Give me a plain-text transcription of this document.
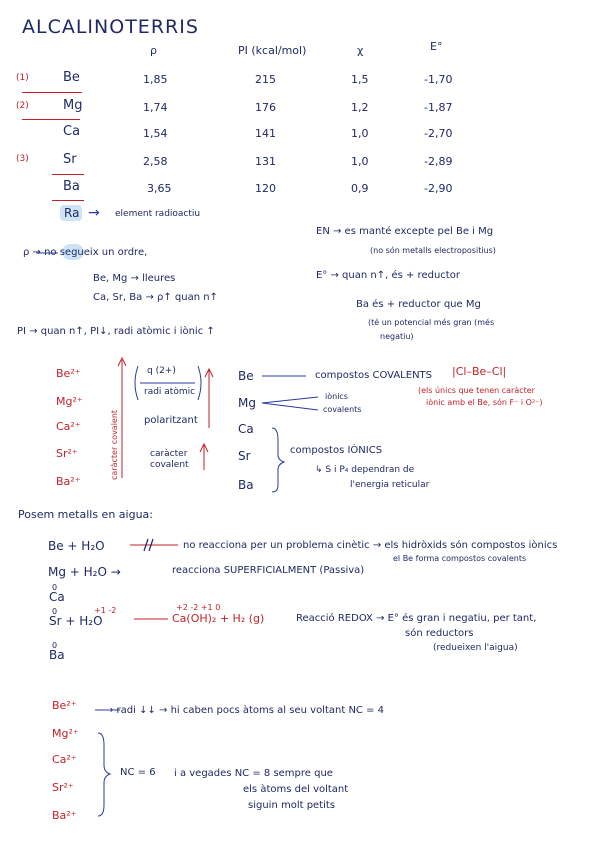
ALCALINOTERRIS
ρ	PI (kcal/mol)	χ	E°
(1)	Be	1,85	215	1,5	-1,70
(2)	Mg	1,74	176	1,2	-1,87
Ca	1,54	141	1,0	-2,70
(3)	Sr	2,58	131	1,0	-2,89
Ba	3,65	120	0,9	-2,90
Ra → element radioactiu
ρ → no segueix un ordre,
Be, Mg → lleures
Ca, Sr, Ba → ρ↑ quan n↑
PI → quan n↑, PI↓, radi atòmic i iònic ↑
EN → es manté excepte pel Be i Mg
(no són metalls electropositius)
E° → quan n↑, és + reductor
Ba és + reductor que Mg
(té un potencial més gran (més
negatiu)
Be²⁺
Mg²⁺
Ca²⁺
Sr²⁺
Ba²⁺
caràcter covalent
q (2+)
radi atòmic
polaritzant
caràcter covalent
Be
Mg
Ca
Sr
Ba
compostos COVALENTS |Cl–Be–Cl|
(els únics que tenen caràcter
iònic amb el Be, són F⁻ i O²⁻)
iònics
covalents
compostos IÒNICS
↳ S i P₄ dependran de
l'energia reticular
Posem metalls en aigua:
Be + H₂O	no reacciona per un problema cinètic → els hidròxids són compostos iònics
el Be forma compostos covalents
Mg + H₂O →	reacciona SUPERFICIALMENT (Passiva)
0
Ca
0
Sr + H₂O
+1 -2
Ca(OH)₂ + H₂ (g)
+2 -2 +1 0
Reacció REDOX → E° és gran i negatiu, per tant,
són reductors
(redueixen l'aigua)
0
Ba
Be²⁺	→ radi ↓↓ → hi caben pocs àtoms al seu voltant NC = 4
Mg²⁺
Ca²⁺
Sr²⁺
Ba²⁺
NC = 6 i a vegades NC = 8 sempre que
els àtoms del voltant
siguin molt petits
